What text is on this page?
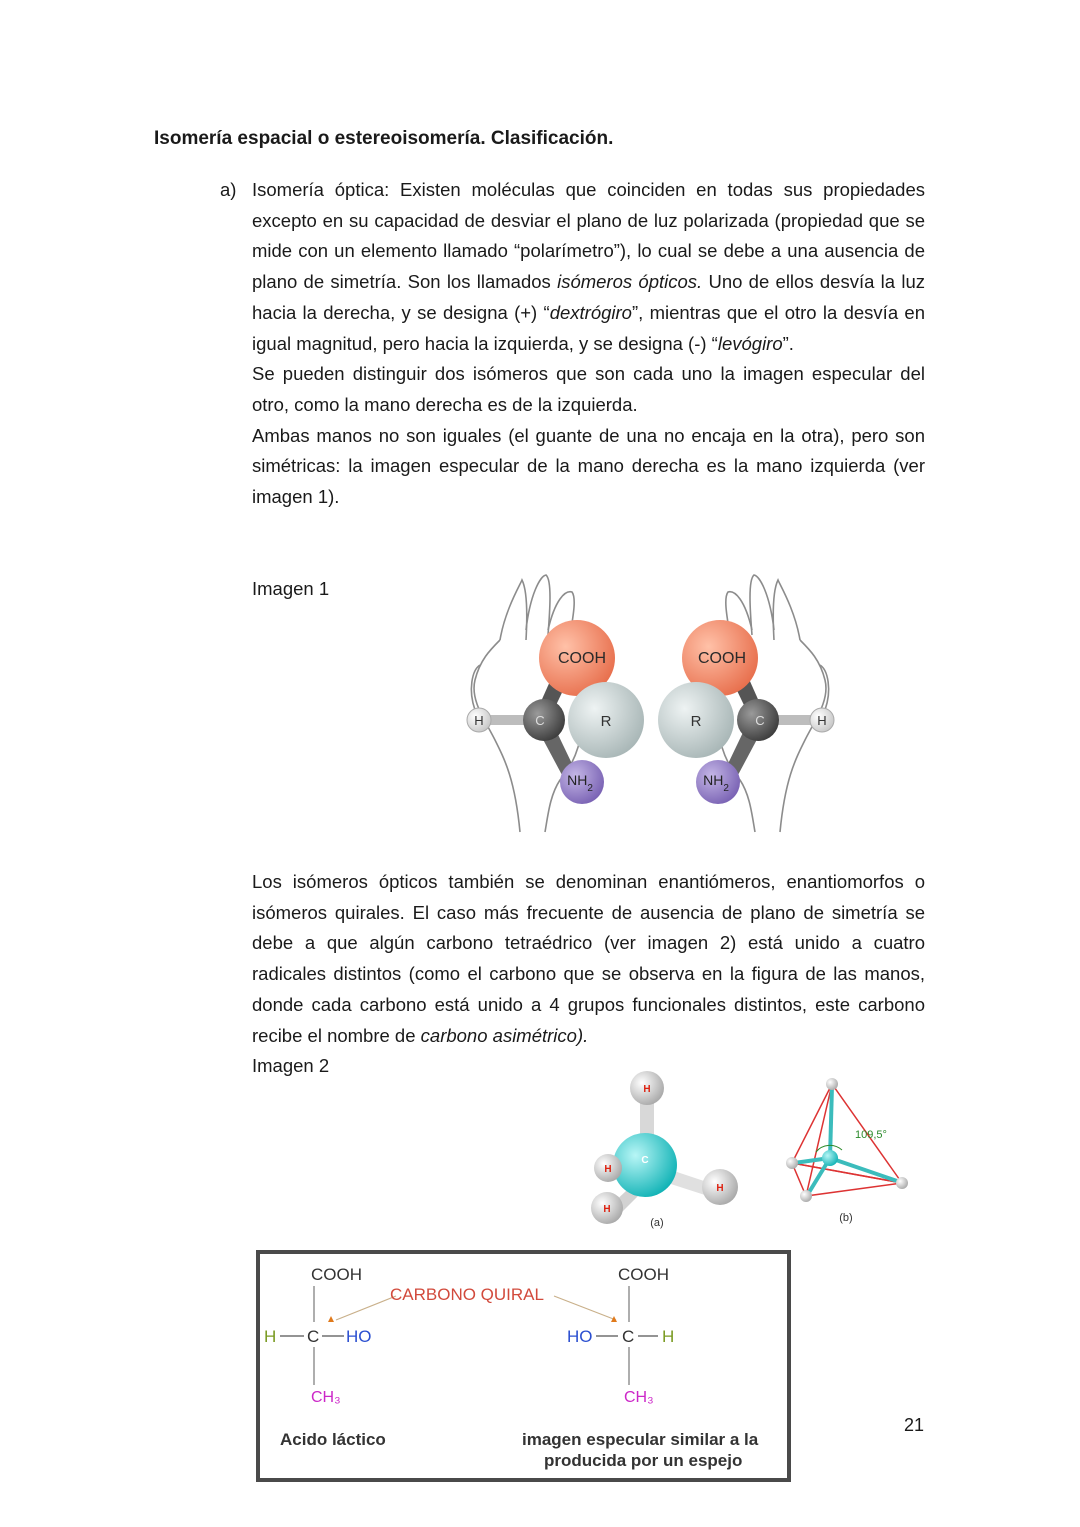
Isomería espacial o estereoisomería. Clasificación.
a) Isomería óptica: Existen moléculas que coinciden en todas sus propiedades excepto en su capacidad de desviar el plano de luz polarizada (propiedad que se mide con un elemento llamado “polarímetro”), lo cual se debe a una ausencia de plano de simetría. Son los llamados isómeros ópticos. Uno de ellos desvía la luz hacia la derecha, y se designa (+) “dextrógiro”, mientras que el otro la desvía en igual magnitud, pero hacia la izquierda, y se designa (-) “levógiro”.
Se pueden distinguir dos isómeros que son cada uno la imagen especular del otro, como la mano derecha es de la izquierda.
Ambas manos no son iguales (el guante de una no encaja en la otra), pero son simétricas: la imagen especular de la mano derecha es la mano izquierda (ver imagen 1).
Imagen 1
COOH
R
C
H
$NH_2$
COOH
R	C	H
$NH_2$
Los isómeros ópticos también se denominan enantiómeros, enantiomorfos o isómeros quirales. El caso más frecuente de ausencia de plano de simetría se debe a que algún carbono tetraédrico (ver imagen 2) está unido a cuatro radicales distintos (como el carbono que se observa en la figura de las manos, donde cada carbono está unido a 4 grupos funcionales distintos, este carbono recibe el nombre de carbono asimétrico).
Imagen 2
H
C
H
H
H
(a)
109,5°
(b)
COOH
H C HO
CH₃
Acido láctico
CARBONO QUIRAL
COOH
HO C H
CH₃
imagen especular similar a la
producida por un espejo
21
